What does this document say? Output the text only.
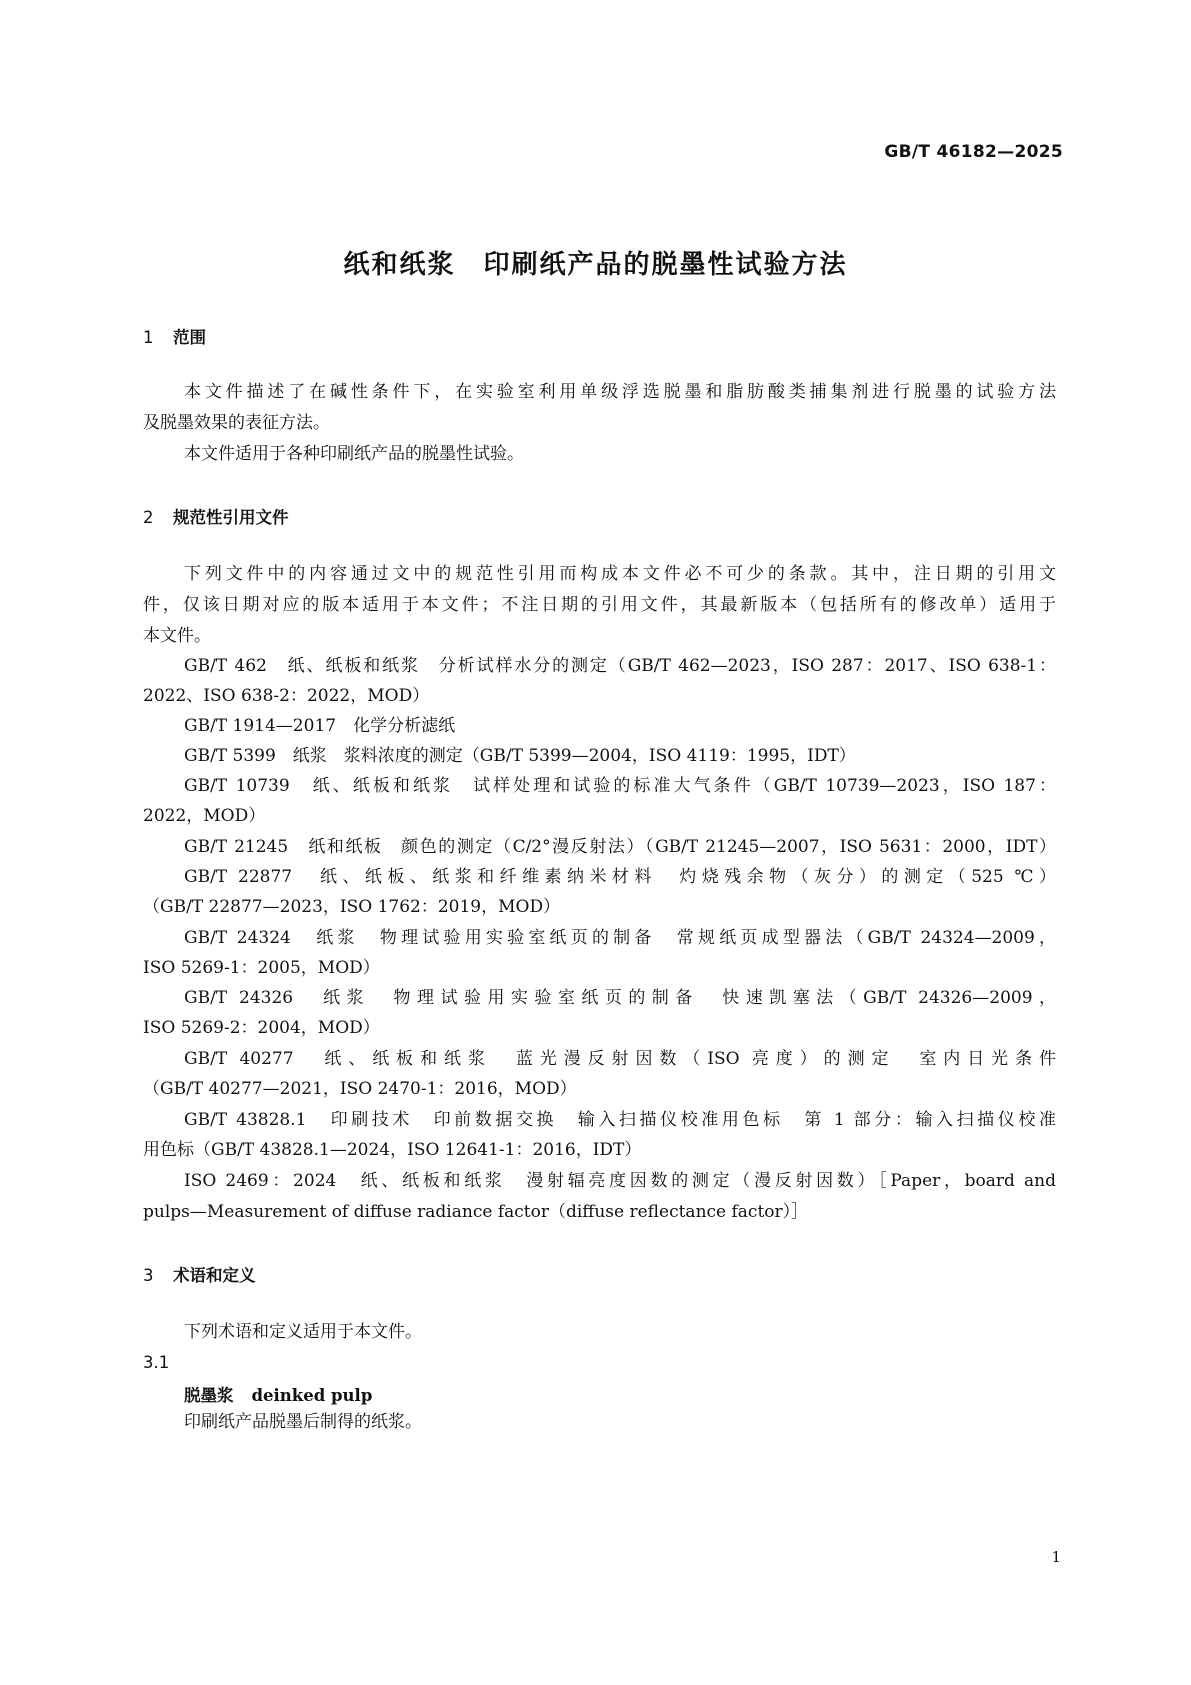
GB/T 46182—2025
纸和纸浆　印刷纸产品的脱墨性试验方法
1 范围
本文件描述了在碱性条件下，在实验室利用单级浮选脱墨和脂肪酸类捕集剂进行脱墨的试验方法
及脱墨效果的表征方法。
本文件适用于各种印刷纸产品的脱墨性试验。
2 规范性引用文件
下列文件中的内容通过文中的规范性引用而构成本文件必不可少的条款。其中，注日期的引用文
件，仅该日期对应的版本适用于本文件；不注日期的引用文件，其最新版本（包括所有的修改单）适用于
本文件。
GB/T 462　纸、纸板和纸浆　分析试样水分的测定（GB/T 462—2023，ISO 287：2017、ISO 638-1：
2022、ISO 638-2：2022，MOD）
GB/T 1914—2017　化学分析滤纸
GB/T 5399　纸浆　浆料浓度的测定（GB/T 5399—2004，ISO 4119：1995，IDT）
GB/T 10739　纸、纸板和纸浆　试样处理和试验的标准大气条件（GB/T 10739—2023，ISO 187：
2022，MOD）
GB/T 21245　纸和纸板　颜色的测定（C/2°漫反射法）（GB/T 21245—2007，ISO 5631：2000，IDT）
GB/T 22877　纸、纸板、纸浆和纤维素纳米材料　灼烧残余物（灰分）的测定（525 ℃）
（GB/T 22877—2023，ISO 1762：2019，MOD）
GB/T 24324　纸浆　物理试验用实验室纸页的制备　常规纸页成型器法（GB/T 24324—2009，
ISO 5269-1：2005，MOD）
GB/T 24326　纸浆　物理试验用实验室纸页的制备　快速凯塞法（GB/T 24326—2009，
ISO 5269-2：2004，MOD）
GB/T 40277　纸、纸板和纸浆　蓝光漫反射因数（ISO 亮度）的测定　室内日光条件
（GB/T 40277—2021，ISO 2470-1：2016，MOD）
GB/T 43828.1　印刷技术　印前数据交换　输入扫描仪校准用色标　第 1 部分：输入扫描仪校准
用色标（GB/T 43828.1—2024，ISO 12641-1：2016，IDT）
ISO 2469：2024　纸、纸板和纸浆　漫射辐亮度因数的测定（漫反射因数）［Paper，board and
pulps—Measurement of diffuse radiance factor（diffuse reflectance factor）］
3 术语和定义
下列术语和定义适用于本文件。
3.1
脱墨浆 deinked pulp
印刷纸产品脱墨后制得的纸浆。
1
